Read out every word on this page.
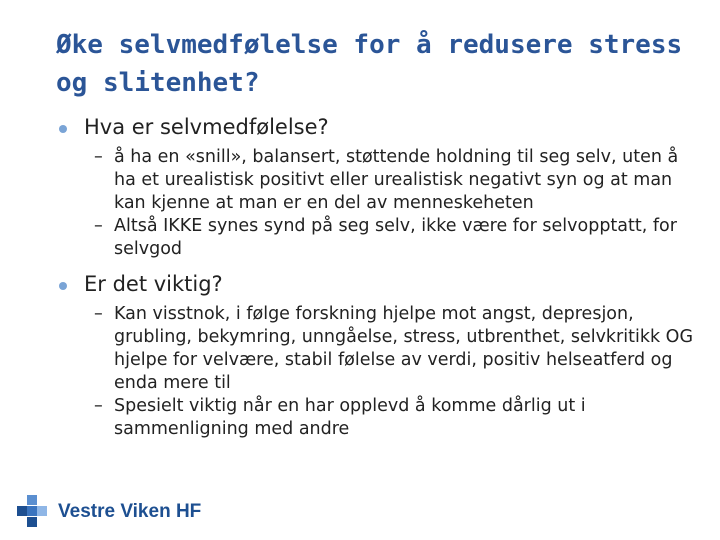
Øke selvmedfølelse for å redusere stress og slitenhet?
Hva er selvmedfølelse?
– å ha en «snill», balansert, støttende holdning til seg selv, uten å ha et urealistisk positivt eller urealistisk negativt syn og at man kan kjenne at man er en del av menneskeheten
– Altså IKKE synes synd på seg selv, ikke være for selvopptatt, for selvgod
Er det viktig?
– Kan visstnok, i følge forskning hjelpe mot angst, depresjon, grubling, bekymring, unngåelse, stress, utbrenthet, selvkritikk OG hjelpe for velvære, stabil følelse av verdi, positiv helseatferd og enda mere til
– Spesielt viktig når en har opplevd å komme dårlig ut i sammenligning med andre
Vestre Viken HF
